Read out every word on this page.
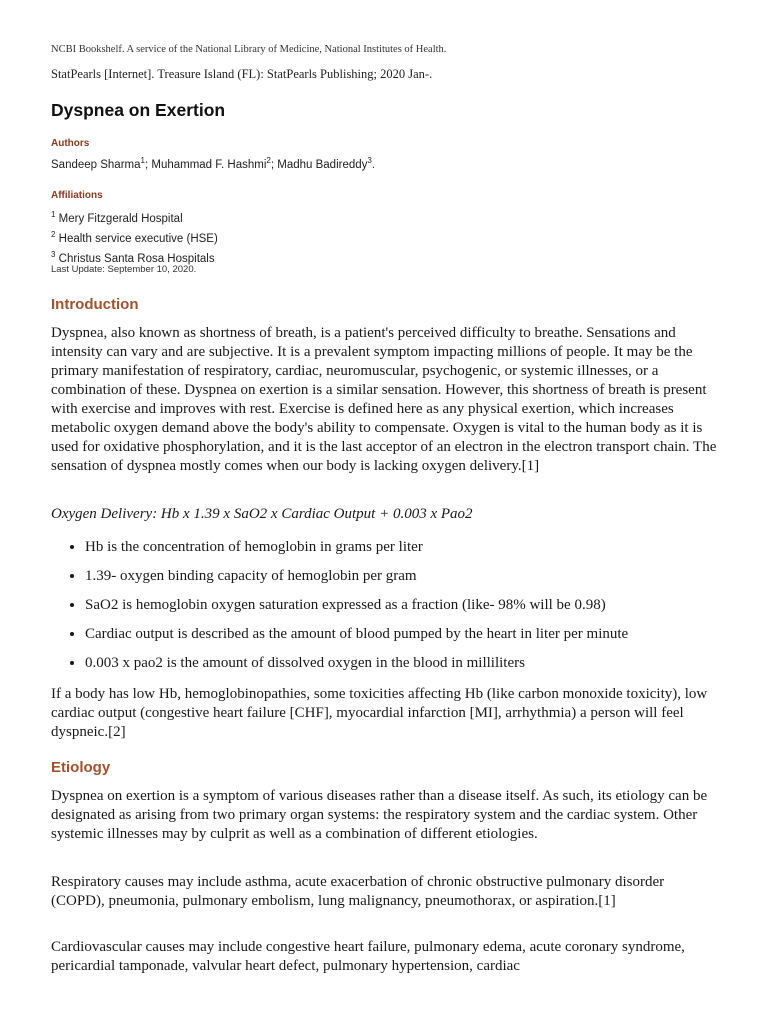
NCBI Bookshelf. A service of the National Library of Medicine, National Institutes of Health.
StatPearls [Internet]. Treasure Island (FL): StatPearls Publishing; 2020 Jan-.
Dyspnea on Exertion
Authors
Sandeep Sharma$^1$; Muhammad F. Hashmi$^2$; Madhu Badireddy$^3$.
Affiliations
$^1$ Mery Fitzgerald Hospital
$^2$ Health service executive (HSE)
$^3$ Christus Santa Rosa Hospitals
Last Update: September 10, 2020.
Introduction

Dyspnea, also known as shortness of breath, is a patient's perceived difficulty to breathe. Sensations and intensity can vary and are subjective. It is a prevalent symptom impacting millions of people. It may be the primary manifestation of respiratory, cardiac, neuromuscular, psychogenic, or systemic illnesses, or a combination of these. Dyspnea on exertion is a similar sensation. However, this shortness of breath is present with exercise and improves with rest. Exercise is defined here as any physical exertion, which increases metabolic oxygen demand above the body's ability to compensate. Oxygen is vital to the human body as it is used for oxidative phosphorylation, and it is the last acceptor of an electron in the electron transport chain. The sensation of dyspnea mostly comes when our body is lacking oxygen delivery.[1]

Oxygen Delivery: Hb x 1.39 x SaO2 x Cardiac Output + 0.003 x Pao2
• Hb is the concentration of hemoglobin in grams per liter
• 1.39- oxygen binding capacity of hemoglobin per gram
• SaO2 is hemoglobin oxygen saturation expressed as a fraction (like- 98% will be 0.98)
• Cardiac output is described as the amount of blood pumped by the heart in liter per minute
• 0.003 x pao2 is the amount of dissolved oxygen in the blood in milliliters

If a body has low Hb, hemoglobinopathies, some toxicities affecting Hb (like carbon monoxide toxicity), low cardiac output (congestive heart failure [CHF], myocardial infarction [MI], arrhythmia) a person will feel dyspneic.[2]

Etiology

Dyspnea on exertion is a symptom of various diseases rather than a disease itself. As such, its etiology can be designated as arising from two primary organ systems: the respiratory system and the cardiac system. Other systemic illnesses may by culprit as well as a combination of different etiologies.

Respiratory causes may include asthma, acute exacerbation of chronic obstructive pulmonary disorder (COPD), pneumonia, pulmonary embolism, lung malignancy, pneumothorax, or aspiration.[1]

Cardiovascular causes may include congestive heart failure, pulmonary edema, acute coronary syndrome, pericardial tamponade, valvular heart defect, pulmonary hypertension, cardiac
